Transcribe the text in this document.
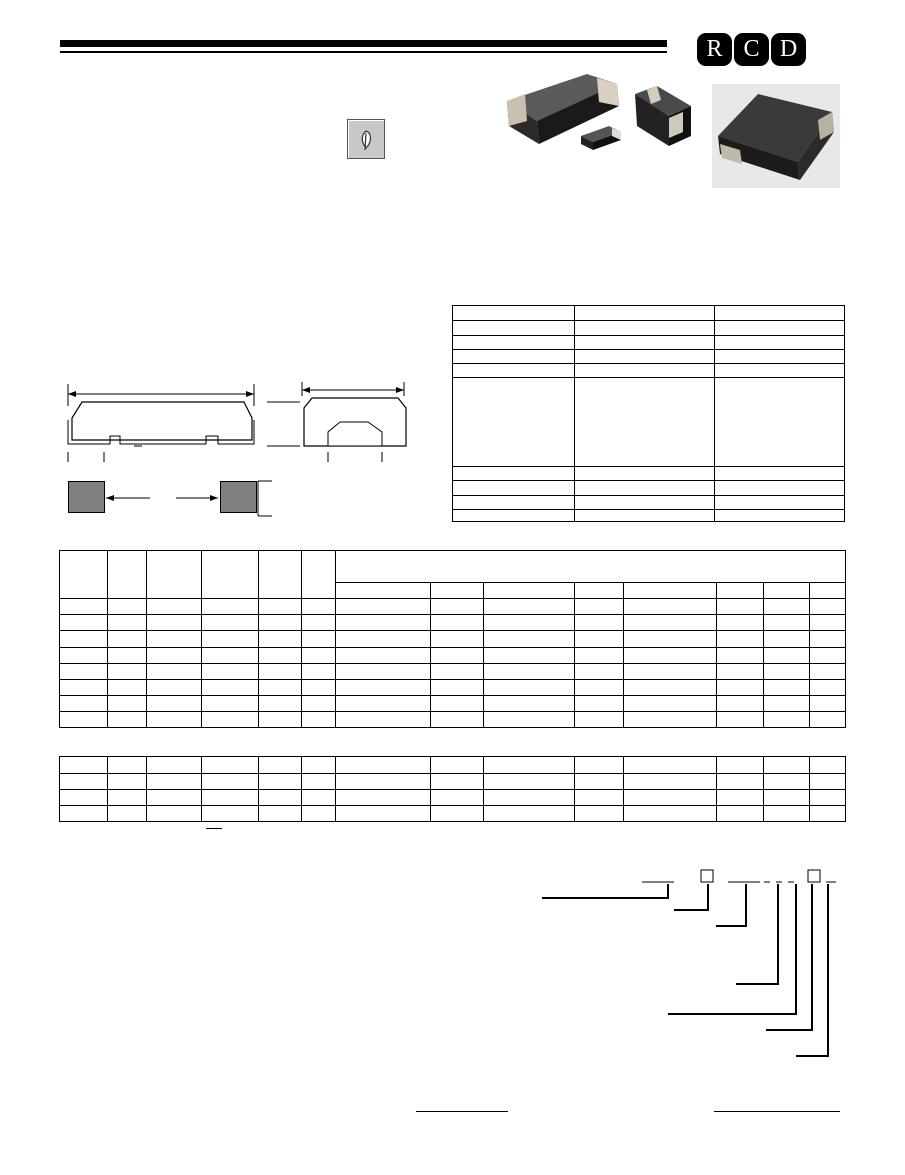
R C D
